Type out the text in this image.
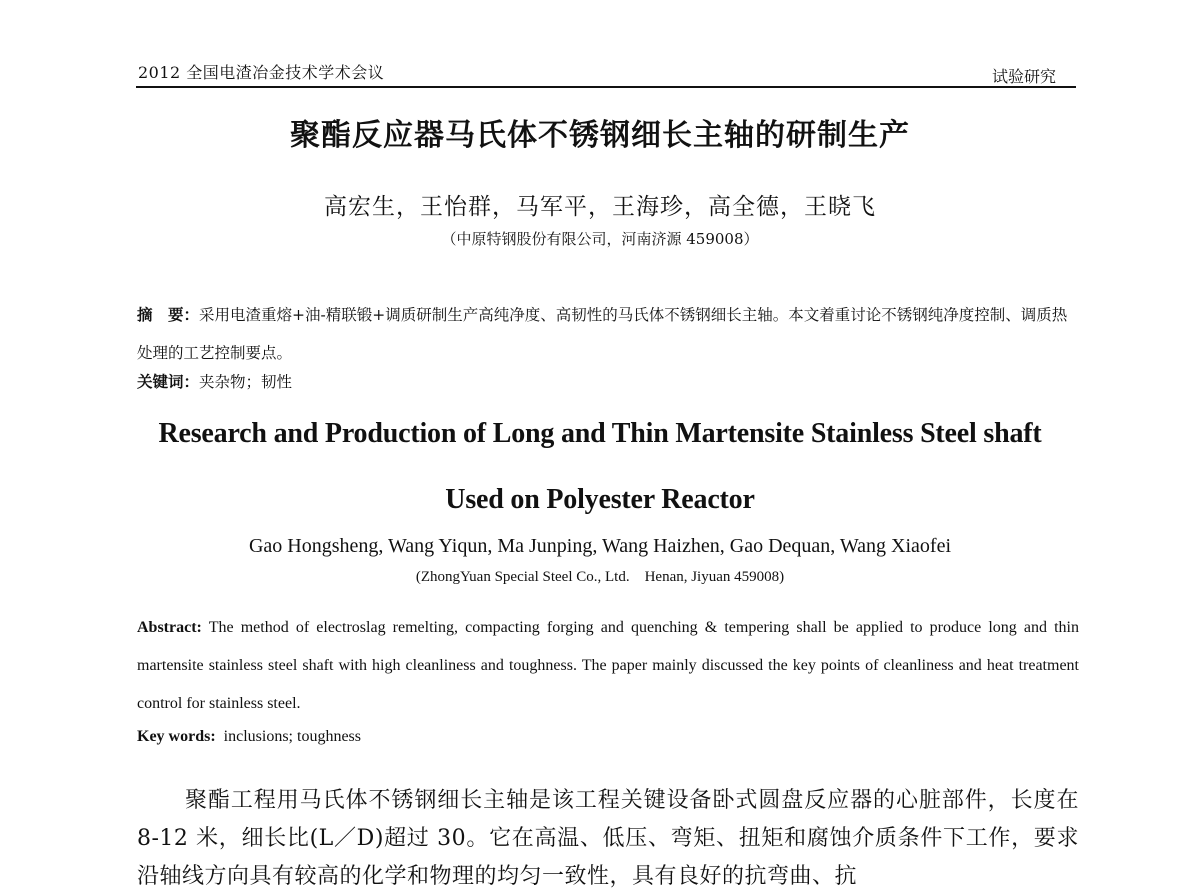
2012 全国电渣冶金技术学术会议	试验研究
聚酯反应器马氏体不锈钢细长主轴的研制生产
高宏生，王怡群，马军平，王海珍，高全德，王晓飞
（中原特钢股份有限公司，河南济源 459008）
摘　要：采用电渣重熔+油-精联锻+调质研制生产高纯净度、高韧性的马氏体不锈钢细长主轴。本文着重讨论不锈钢纯净度控制、调质热处理的工艺控制要点。
关键词：夹杂物；韧性
Research and Production of Long and Thin Martensite Stainless Steel shaft
Used on Polyester Reactor
Gao Hongsheng, Wang Yiqun, Ma Junping, Wang Haizhen, Gao Dequan, Wang Xiaofei
(ZhongYuan Special Steel Co., Ltd.　Henan, Jiyuan 459008)
Abstract: The method of electroslag remelting, compacting forging and quenching & tempering shall be applied to produce long and thin martensite stainless steel shaft with high cleanliness and toughness. The paper mainly discussed the key points of cleanliness and heat treatment control for stainless steel.
Key words: inclusions; toughness
聚酯工程用马氏体不锈钢细长主轴是该工程关键设备卧式圆盘反应器的心脏部件，长度在 8-12 米，细长比(L／D)超过 30。它在高温、低压、弯矩、扭矩和腐蚀介质条件下工作，要求沿轴线方向具有较高的化学和物理的均匀一致性，具有良好的抗弯曲、抗
